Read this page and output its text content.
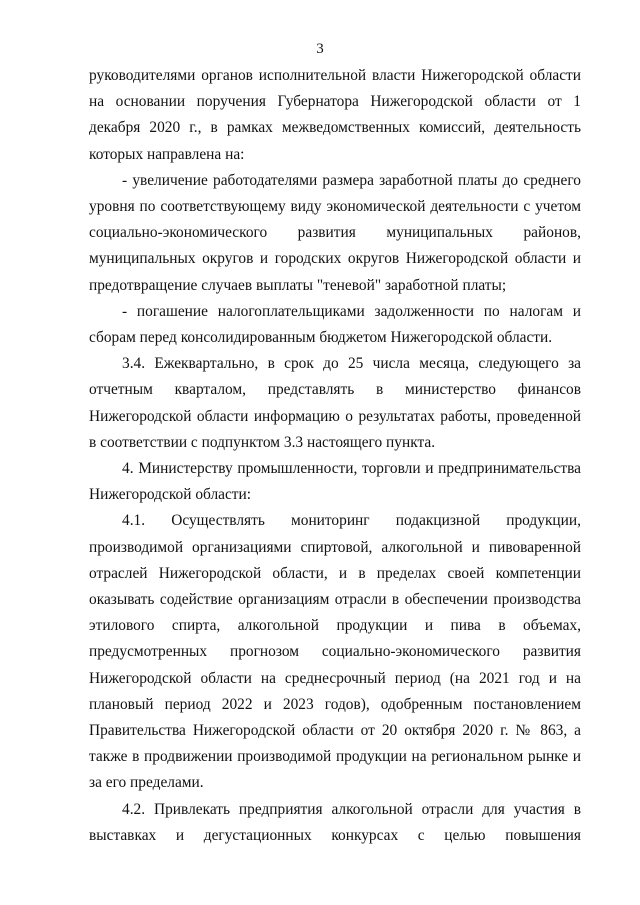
3

руководителями органов исполнительной власти Нижегородской области на основании поручения Губернатора Нижегородской области от 1 декабря 2020 г., в рамках межведомственных комиссий, деятельность которых направлена на:

- увеличение работодателями размера заработной платы до среднего уровня по соответствующему виду экономической деятельности с учетом социально-экономического развития муниципальных районов, муниципальных округов и городских округов Нижегородской области и предотвращение случаев выплаты "теневой" заработной платы;

- погашение налогоплательщиками задолженности по налогам и сборам перед консолидированным бюджетом Нижегородской области.

3.4. Ежеквартально, в срок до 25 числа месяца, следующего за отчетным кварталом, представлять в министерство финансов Нижегородской области информацию о результатах работы, проведенной в соответствии с подпунктом 3.3 настоящего пункта.

4. Министерству промышленности, торговли и предпринимательства Нижегородской области:

4.1. Осуществлять мониторинг подакцизной продукции, производимой организациями спиртовой, алкогольной и пивоваренной отраслей Нижегородской области, и в пределах своей компетенции оказывать содействие организациям отрасли в обеспечении производства этилового спирта, алкогольной продукции и пива в объемах, предусмотренных прогнозом социально-экономического развития Нижегородской области на среднесрочный период (на 2021 год и на плановый период 2022 и 2023 годов), одобренным постановлением Правительства Нижегородской области от 20 октября 2020 г. № 863, а также в продвижении производимой продукции на региональном рынке и за его пределами.

4.2. Привлекать предприятия алкогольной отрасли для участия в выставках и дегустационных конкурсах с целью повышения
